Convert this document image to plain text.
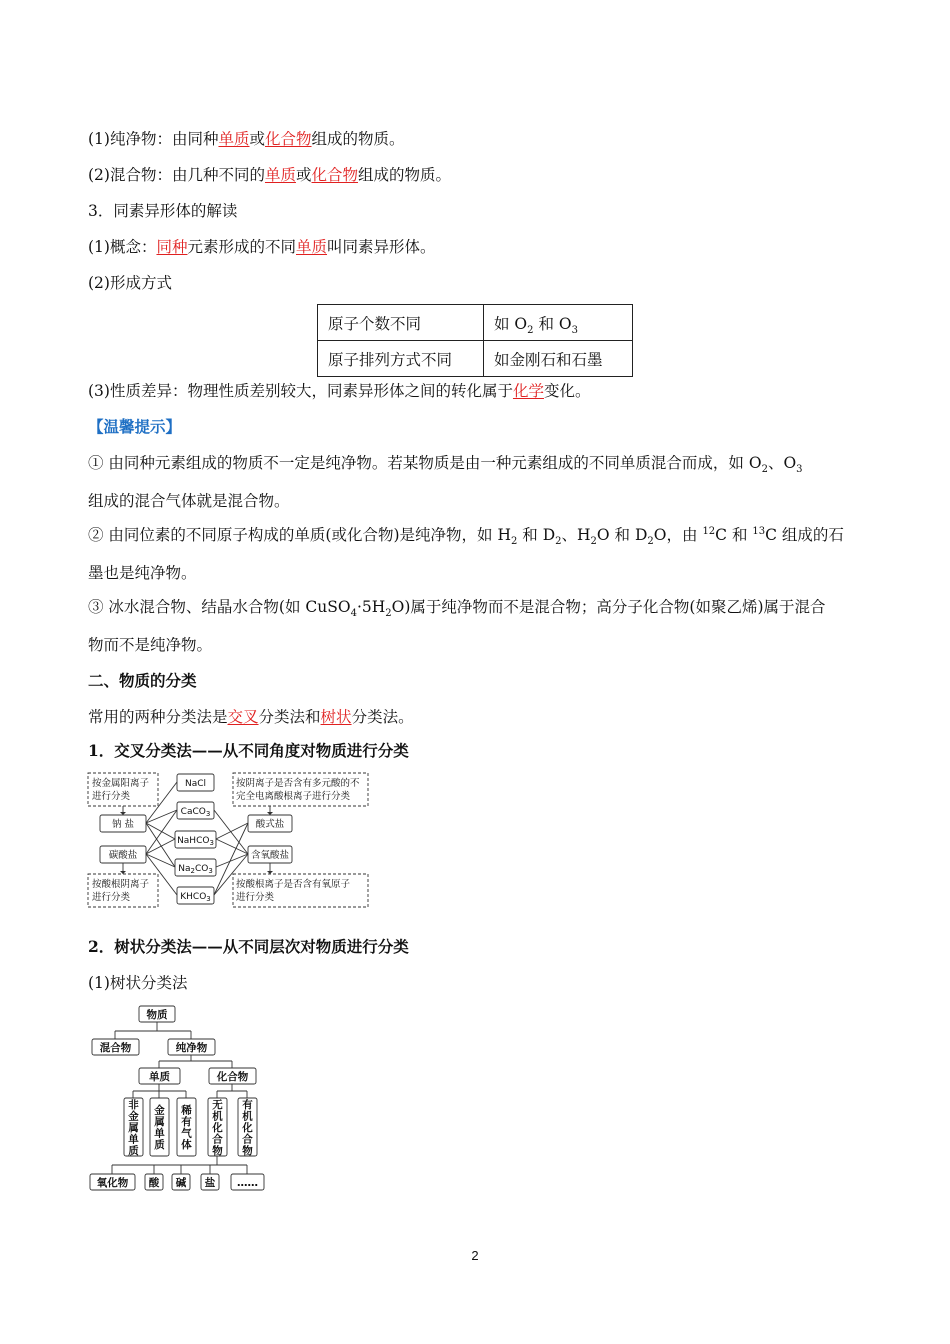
(1)纯净物：由同种单质或化合物组成的物质。
(2)混合物：由几种不同的单质或化合物组成的物质。
3．同素异形体的解读
(1)概念：同种元素形成的不同单质叫同素异形体。
(2)形成方式
原子个数不同	如 $O_2$ 和 $O_3$
原子排列方式不同	如金刚石和石墨
(3)性质差异：物理性质差别较大，同素异形体之间的转化属于化学变化。
【温馨提示】
① 由同种元素组成的物质不一定是纯净物。若某物质是由一种元素组成的不同单质混合而成，如 $O_2$、$O_3$
组成的混合气体就是混合物。
② 由同位素的不同原子构成的单质(或化合物)是纯净物，如 $H_2$ 和 $D_2$、$H_2O$ 和 $D_2O$，由 $^{12}$C 和 $^{13}$C 组成的石
墨也是纯净物。
③ 冰水混合物、结晶水合物(如 $CuSO_4\cdot 5H_2O$)属于纯净物而不是混合物；高分子化合物(如聚乙烯)属于混合
物而不是纯净物。
二、物质的分类
常用的两种分类法是交叉分类法和树状分类法。
1．交叉分类法——从不同角度对物质进行分类
按金属阳离子
进行分类
按阴离子是否含有多元酸的不
完全电离酸根离子进行分类
按酸根阴离子
进行分类
按酸根离子是否含有氧原子
进行分类
钠 盐
碳酸盐
酸式盐
含氧酸盐
NaCl
CaCO$_3$
NaHCO$_3$
$Na_2CO_3$
$KHCO_3$
2．树状分类法——从不同层次对物质进行分类
(1)树状分类法
物质
混合物	纯净物
单质	化合物
氧化物 酸 碱 盐 ……
非金属单质
金属单质
稀有气体
无机化合物
有机化合物
2
